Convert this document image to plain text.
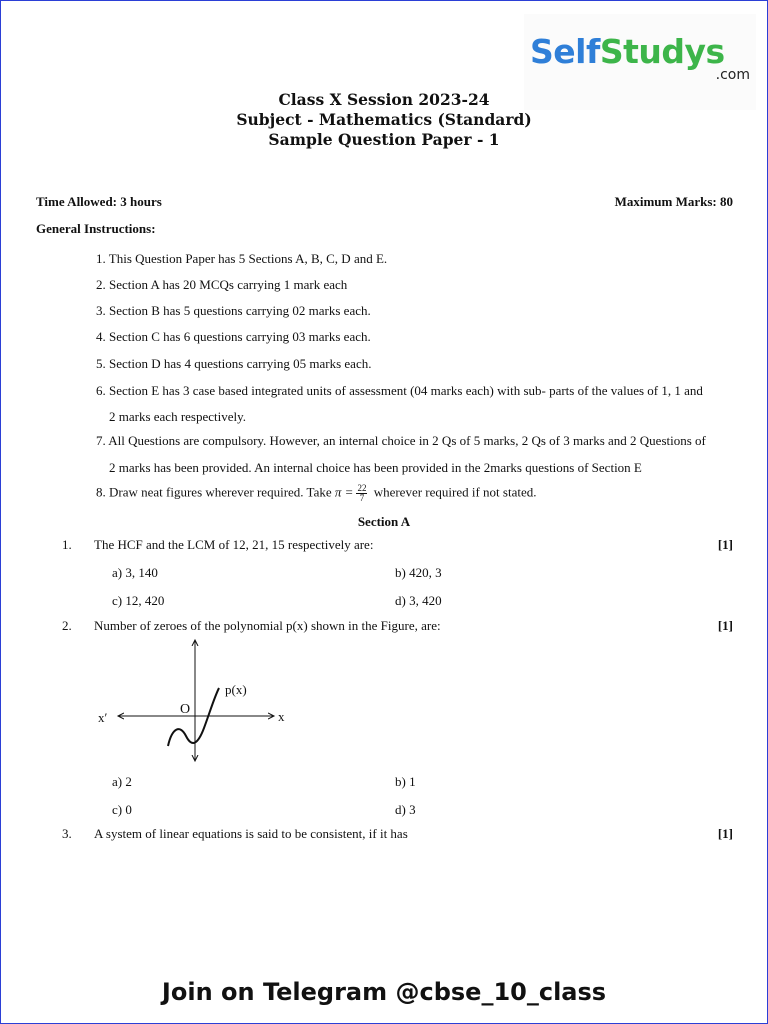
SelfStudys
.com
Class X Session 2023-24
Subject - Mathematics (Standard)
Sample Question Paper - 1
Time Allowed: 3 hours	Maximum Marks: 80
General Instructions:
1. This Question Paper has 5 Sections A, B, C, D and E.
2. Section A has 20 MCQs carrying 1 mark each
3. Section B has 5 questions carrying 02 marks each.
4. Section C has 6 questions carrying 03 marks each.
5. Section D has 4 questions carrying 05 marks each.
6. Section E has 3 case based integrated units of assessment (04 marks each) with sub- parts of the values of 1, 1 and
2 marks each respectively.
7. All Questions are compulsory. However, an internal choice in 2 Qs of 5 marks, 2 Qs of 3 marks and 2 Questions of
2 marks has been provided. An internal choice has been provided in the 2marks questions of Section E
8. Draw neat figures wherever required. Take $\pi = \frac{22}{7}$ wherever required if not stated.
Section A
1. The HCF and the LCM of 12, 21, 15 respectively are:	[1]
a) 3, 140	b) 420, 3
c) 12, 420	d) 3, 420
2. Number of zeroes of the polynomial p(x) shown in the Figure, are:	[1]
p(x)
O	x
x′
a) 2	b) 1
c) 0	d) 3
3. A system of linear equations is said to be consistent, if it has	[1]
Join on Telegram @cbse_10_class
